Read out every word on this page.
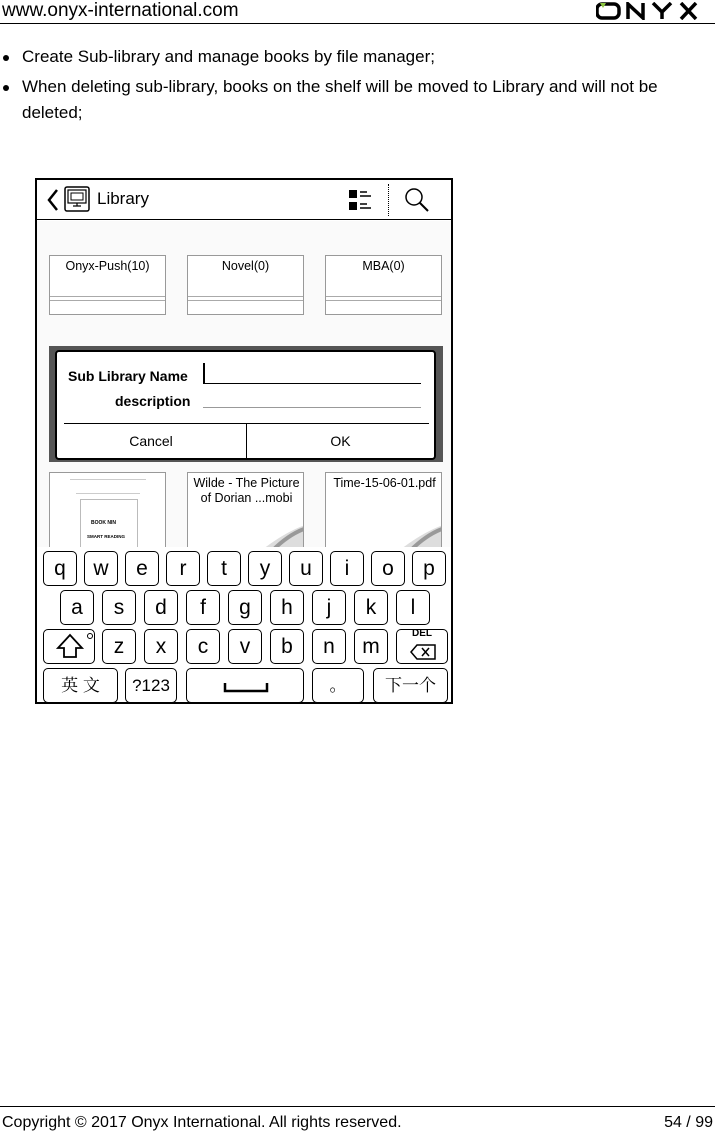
www.onyx-international.com
Create Sub-library and manage books by file manager;
When deleting sub-library, books on the shelf will be moved to Library and will not be deleted;
Library
Onyx-Push(10)	Novel(0)	MBA(0)
BOOK NIN
SMART READING
Wilde - The Picture of Dorian ...mobi
Time-15-06-01.pdf
Sub Library Name
description
Cancel	OK
q	w	e	r	t	y	u	i	o	p
a	s	d	f	g	h	j	k	l
z	x	c	v	b	n	m
DEL
英 文	?123	。	下一个
Copyright © 2017 Onyx International. All rights reserved.	54 / 99
